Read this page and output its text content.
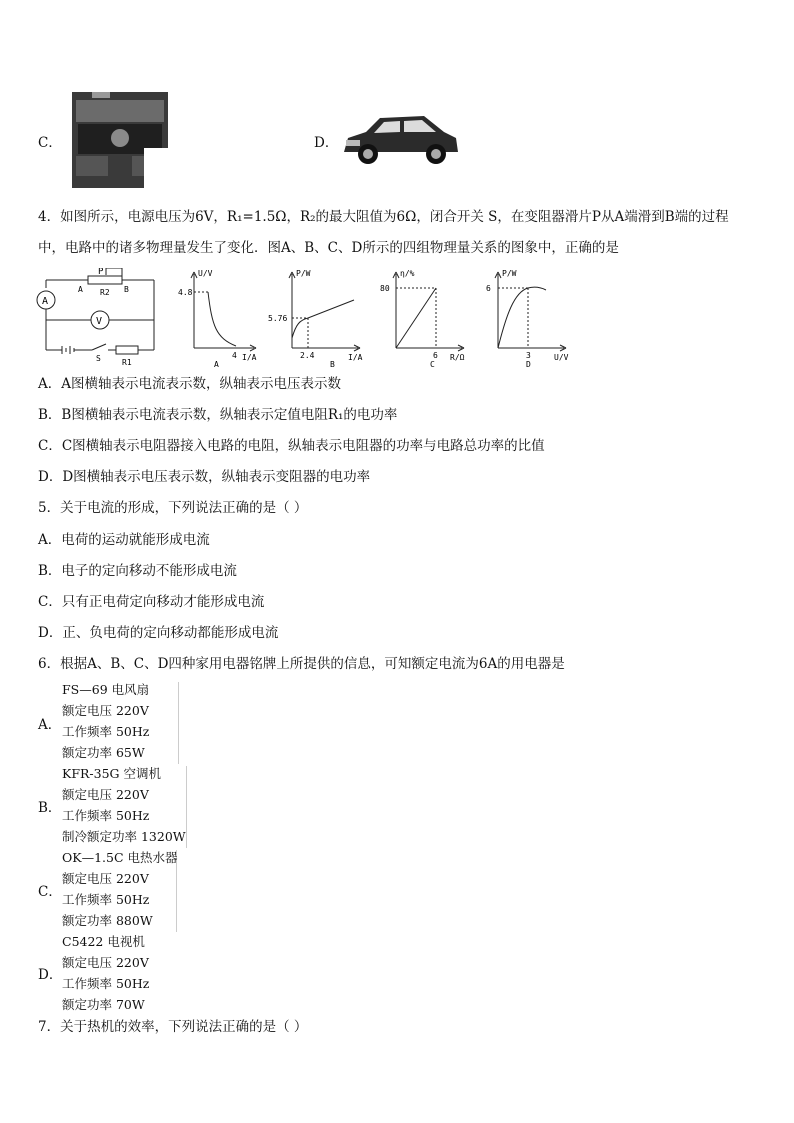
C．	D．
4．如图所示，电源电压为6V，R₁=1.5Ω，R₂的最大阻值为6Ω，闭合开关 S，在变阻器滑片P从A端滑到B端的过程
中，电路中的诸多物理量发生了变化．图A、B、C、D所示的四组物理量关系的图象中，正确的是
A
V
P
A	B
R2
S	R1
U/V
I/A
4.8
4
A
P/W
I/A
5.76
2.4
B
η/%
R/Ω
80
6
C
P/W
U/V
6
3
D
A．A图横轴表示电流表示数，纵轴表示电压表示数
B．B图横轴表示电流表示数，纵轴表示定值电阻R₁的电功率
C．C图横轴表示电阻器接入电路的电阻，纵轴表示电阻器的功率与电路总功率的比值
D．D图横轴表示电压表示数，纵轴表示变阻器的电功率
5．关于电流的形成，下列说法正确的是（ ）
A．电荷的运动就能形成电流
B．电子的定向移动不能形成电流
C．只有正电荷定向移动才能形成电流
D．正、负电荷的定向移动都能形成电流
6．根据A、B、C、D四种家用电器铭牌上所提供的信息，可知额定电流为6A的用电器是
A．
FS—69 电风扇
额定电压 220V
工作频率 50Hz
额定功率 65W
B．
KFR-35G 空调机
额定电压 220V
工作频率 50Hz
制冷额定功率 1320W
C．
OK—1.5C 电热水器
额定电压 220V
工作频率 50Hz
额定功率 880W
D．
C5422 电视机
额定电压 220V
工作频率 50Hz
额定功率 70W
7．关于热机的效率，下列说法正确的是（ ）
